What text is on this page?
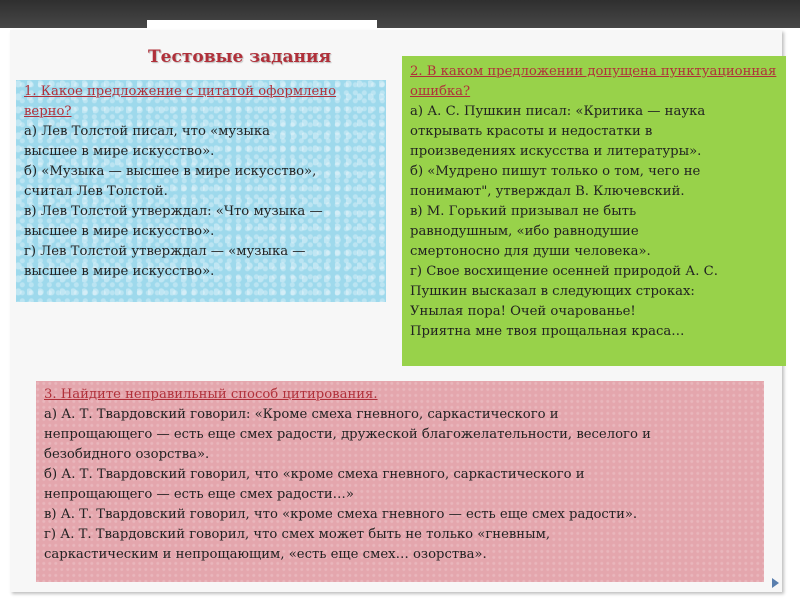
Тестовые задания
1. Какое предложение с цитатой оформлено верно?
а) Лев Толстой писал, что «музыка
высшее в мире искусство».
б) «Музыка — высшее в мире искусство»,
считал Лев Толстой.
в) Лев Толстой утверждал: «Что музыка —
высшее в мире искусство».
г) Лев Толстой утверждал — «музыка —
высшее в мире искусство».
2. В каком предложении допущена пунктуационная ошибка?
а) А. С. Пушкин писал: «Критика — наука
открывать красоты и недостатки в
произведениях искусства и литературы».
б) «Мудрено пишут только о том, чего не
понимают", утверждал В. Ключевский.
в) М. Горький призывал не быть
равнодушным, «ибо равнодушие
смертоносно для души человека».
г) Свое восхищение осенней природой А. С.
Пушкин высказал в следующих строках:
Унылая пора! Очей очарованье!
Приятна мне твоя прощальная краса…
3. Найдите неправильный способ цитирования.
а) А. Т. Твардовский говорил: «Кроме смеха гневного, саркастического и
непрощающего — есть еще смех радости, дружеской благожелательности, веселого и
безобидного озорства».
б) А. Т. Твардовский говорил, что «кроме смеха гневного, саркастического и
непрощающего — есть еще смех радости…»
в) А. Т. Твардовский говорил, что «кроме смеха гневного — есть еще смех радости».
г) А. Т. Твардовский говорил, что смех может быть не только «гневным,
саркастическим и непрощающим, «есть еще смех… озорства».
